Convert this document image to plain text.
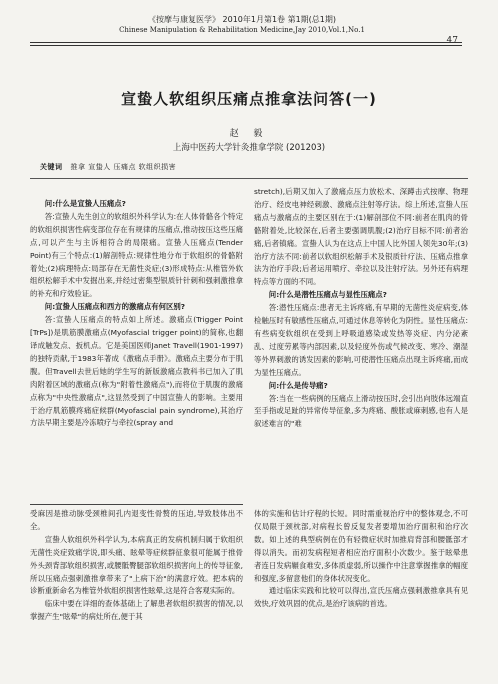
《按摩与康复医学》 2010年1月第1卷 第1期(总1期)
Chinese Manipulation & Rehabilitation Medicine,Jay 2010,Vol.1,No.1
47
宣蛰人软组织压痛点推拿法问答(一)
赵 毅
上海中医药大学针灸推拿学院 (201203)
关键词 推拿 宣蛰人 压痛点 软组织损害

问:什么是宣蛰人压痛点?

答:宣蛰人先生创立的软组织外科学认为:在人体骨骼各个特定的软组织损害性病变部位存在有规律的压痛点,推动按压这些压痛点,可以产生与主诉相符合的局限痛。宣蛰人压痛点(Tender Point)有三个特点:(1)解剖特点:规律性地分布于软组织的骨骼附着处;(2)病理特点:局部存在无菌性炎症;(3)形成特点:从椎管外软组织松解手术中发掘出来,并经过密集型银质针针刺和强刺激推拿的补充和疗效验证。

问:宣蛰人压痛点和西方的激痛点有何区别?

答:宣蛰人压痛点的特点如上所述。激痛点(Trigger Point [TrPs])是肌筋膜激痛点(Myofascial trigger point)的简称,也翻译成触发点、扳机点。它是美国医师Janet Travell(1901-1997)的独特贡献,于1983年著成《激痛点手册》。激痛点主要分布于肌腹。但Travell去世后她的学生写的新版激痛点教科书已加入了肌肉附着区域的激痛点(称为"附着性激痛点"),而将位于肌腹的激痛点称为"中央性激痛点",这显然受到了中国宣蛰人的影响。主要用于治疗肌筋膜疼痛症候群(Myofascial pain syndrome),其治疗方法早期主要是冷冻喷疗与牵拉(spray and

stretch),后期又加入了激痛点压力放松术、深蹲击式按摩、物理治疗、经皮电神经刺激、激痛点注射等疗法。综上所述,宣蛰人压痛点与激痛点的主要区别在于:(1)解剖部位不同:前者在肌肉的骨骼附着处,比较深在,后者主要强调肌腹;(2)治疗目标不同:前者治痛,后者镇痛。宣蛰人认为在这点上中国人比外国人领先30年;(3)治疗方法不同:前者以软组织松解手术及银质针疗法、压痛点推拿法为治疗手段;后者运用喷疗、牵拉以及注射疗法。另外还有病理特点等方面的不同。

问:什么是潜性压痛点与显性压痛点?

答:潜性压痛点:患者无主诉疼痛,有早期的无菌性炎症病变,体检触压时有敏感性压痛点,可通过休息等转化为阴性。显性压痛点:有些病变软组织在受到上呼吸道感染或发热等炎症、内分泌紊乱、过度劳累等内部因素,以及轻度外伤或气候改变、寒冷、潮湿等外界刺激的诱发因素的影响,可使潜性压痛点出现主诉疼痛,而成为显性压痛点。

问:什么是传导痛?

答:当在一些病例的压痛点上滑动按压时,会引出向肢体远端直至手指或足趾的异常传导征象,多为疼痛、酸胀或麻刺感,也有人是叙述难言的"难

受麻因是推动脉受颈椎间孔内退变性骨赘的压迫,导致肢体出不全。

宣蛰人软组织外科学认为,本病真正的发病机制归属于软组织无菌性炎症致痛学说,即头痛、眩晕等症候群征象很可能属于推骨外头颈背部软组织损害,或腰骶臀腿部软组织损害向上的传导征象,所以压痛点强刺激推拿带来了"上病下治"的满意疗效。把本病的诊断重新命名为椎管外软组织损害性眩晕,这是符合客观实际的。

临床中要在详细的查体基础上了解患者软组织损害的情况,以掌握产生"眩晕"的病灶所在,便于其

体的实施和估计疗程的长短。同时需重视治疗中的整体观念,不可仅局限于颈枕部,对病程长曾反复发者要增加治疗面积和治疗次数。如上述的典型病例在仍有轻微症状时加推肩背部和腰骶部才得以消失。而初发病程短者相应治疗面积小次数少。鉴于眩晕患者连日发病辗食难安,多体质虚弱,所以操作中注意掌握推拿的幅度和强度,多留意他们的身体状况变化。

通过临床实践和比较可以得出,宣氏压痛点强刺激推拿具有见效快,疗效巩固的优点,是治疗该病的首选。
